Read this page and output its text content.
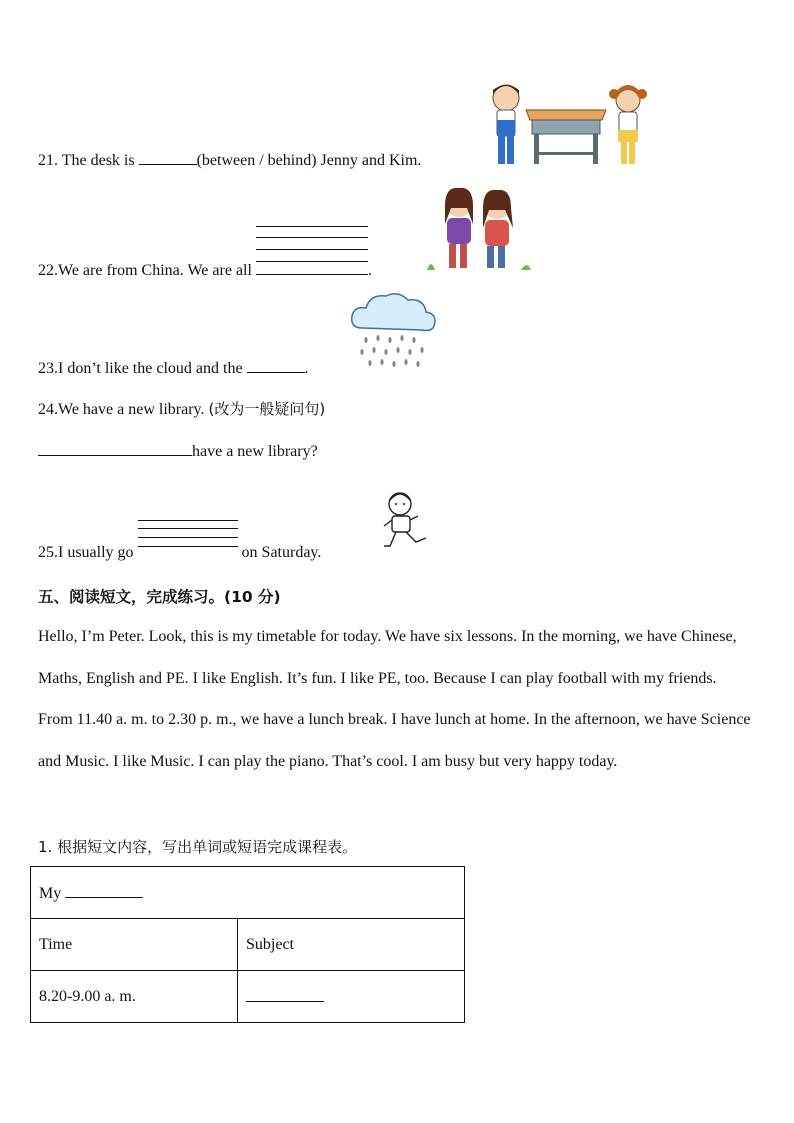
21. The desk is	(between / behind) Jenny and Kim.
22.We are from China. We are all	.
23.I don’t like the cloud and the	.
24.We have a new library. (改为一般疑问句)
have a new library?
25.I usually go	on Saturday.
五、阅读短文，完成练习。(10 分)
Hello, I’m Peter. Look, this is my timetable for today. We have six lessons. In the morning, we have Chinese, Maths, English and PE. I like English. It’s fun. I like PE, too. Because I can play football with my friends. From 11.40 a. m. to 2.30 p. m., we have a lunch break. I have lunch at home. In the afternoon, we have Science and Music. I like Music. I can play the piano. That’s cool. I am busy but very happy today.
1. 根据短文内容，写出单词或短语完成课程表。
My	
Time	Subject
8.20-9.00 a. m.	
